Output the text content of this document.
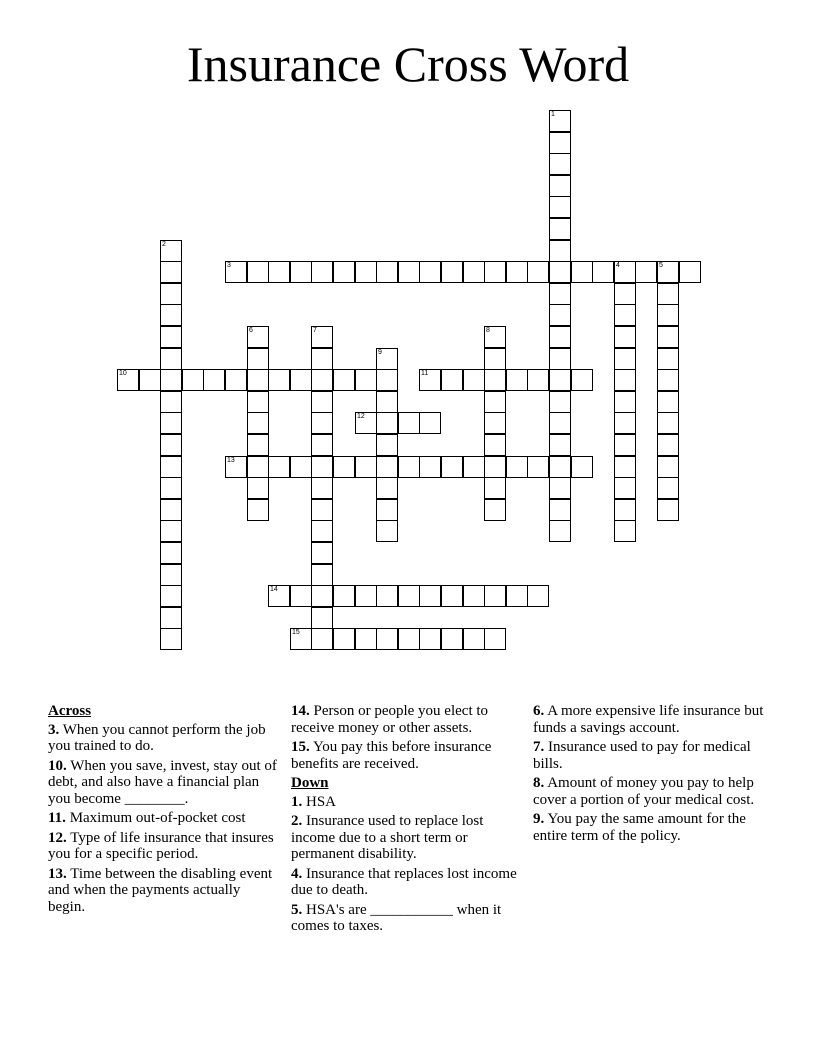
Insurance Cross Word
1
2
3	4	5
6	7	8
9
10	11
12
13
14
15
Across
3. When you cannot perform the job you trained to do.
10. When you save, invest, stay out of debt, and also have a financial plan you become ________.
11. Maximum out-of-pocket cost
12. Type of life insurance that insures you for a specific period.
13. Time between the disabling event and when the payments actually begin.
14. Person or people you elect to receive money or other assets.
15. You pay this before insurance benefits are received.
Down
1. HSA
2. Insurance used to replace lost income due to a short term or permanent disability.
4. Insurance that replaces lost income due to death.
5. HSA's are ___________ when it comes to taxes.
6. A more expensive life insurance but funds a savings account.
7. Insurance used to pay for medical bills.
8. Amount of money you pay to help cover a portion of your medical cost.
9. You pay the same amount for the entire term of the policy.
